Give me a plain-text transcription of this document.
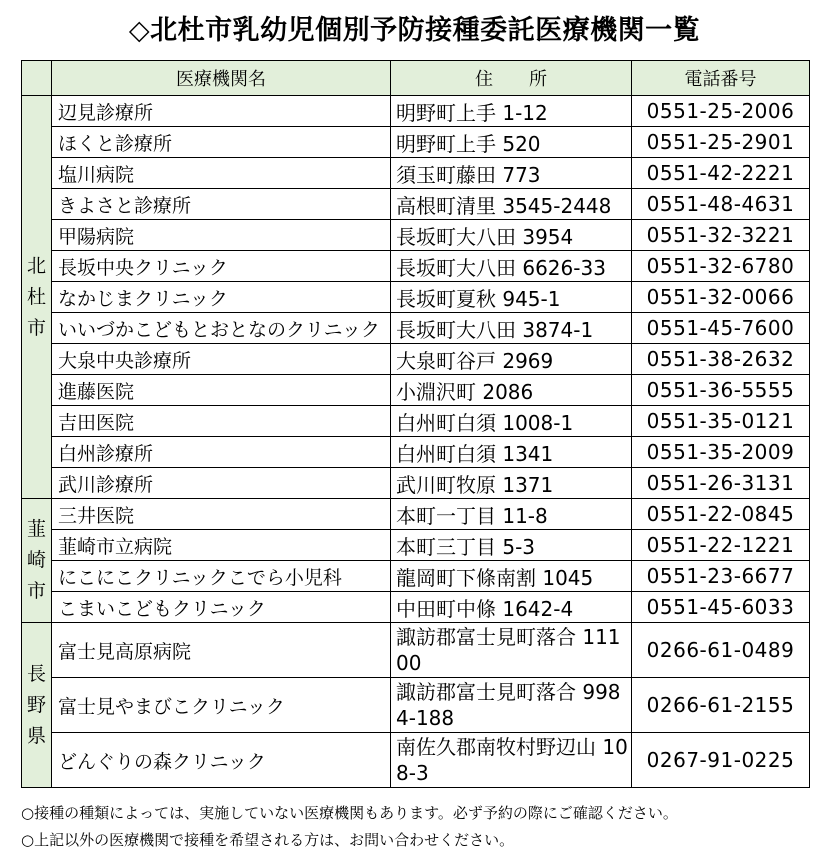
◇北杜市乳幼児個別予防接種委託医療機関一覧
	医療機関名	住　　所	電話番号
北杜市	辺見診療所	明野町上手 1-12	0551-25-2006
	ほくと診療所	明野町上手 520	0551-25-2901
	塩川病院	須玉町藤田 773	0551-42-2221
	きよさと診療所	高根町清里 3545-2448	0551-48-4631
	甲陽病院	長坂町大八田 3954	0551-32-3221
	長坂中央クリニック	長坂町大八田 6626-33	0551-32-6780
	なかじまクリニック	長坂町夏秋 945-1	0551-32-0066
	いいづかこどもとおとなのクリニック	長坂町大八田 3874-1	0551-45-7600
	大泉中央診療所	大泉町谷戸 2969	0551-38-2632
	進藤医院	小淵沢町 2086	0551-36-5555
	吉田医院	白州町白須 1008-1	0551-35-0121
	白州診療所	白州町白須 1341	0551-35-2009
	武川診療所	武川町牧原 1371	0551-26-3131
韮崎市	三井医院	本町一丁目 11-8	0551-22-0845
	韮崎市立病院	本町三丁目 5-3	0551-22-1221
	にこにこクリニックこでら小児科	龍岡町下條南割 1045	0551-23-6677
	こまいこどもクリニック	中田町中條 1642-4	0551-45-6033
長野県	富士見高原病院	諏訪郡富士見町落合 11100	0266-61-0489
	富士見やまびこクリニック	諏訪郡富士見町落合 9984-188	0266-61-2155
	どんぐりの森クリニック	南佐久郡南牧村野辺山 108-3	0267-91-0225
○接種の種類によっては、実施していない医療機関もあります。必ず予約の際にご確認ください。
○上記以外の医療機関で接種を希望される方は、お問い合わせください。
